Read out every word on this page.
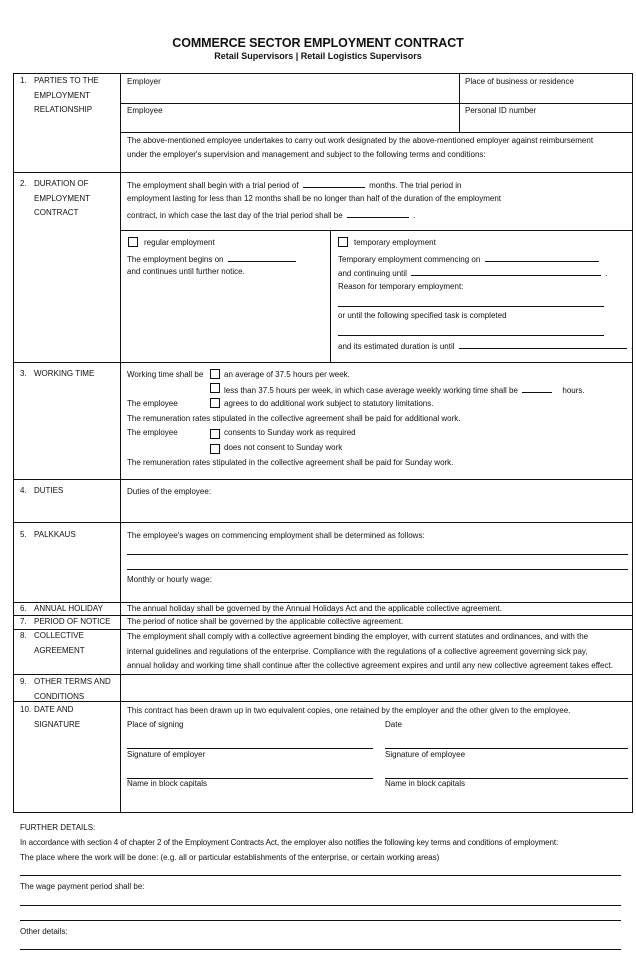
COMMERCE SECTOR EMPLOYMENT CONTRACT
Retail Supervisors | Retail Logistics Supervisors
1. PARTIES TO THE
EMPLOYMENT
RELATIONSHIP
Employer	Place of business or residence
Employee	Personal ID number
The above-mentioned employee undertakes to carry out work designated by the above-mentioned employer against reimbursement
under the employer's supervision and management and subject to the following terms and conditions:
2. DURATION OF
EMPLOYMENT
CONTRACT
The employment shall begin with a trial period of	months. The trial period in
employment lasting for less than 12 months shall be no longer than half of the duration of the employment
contract, in which case the last day of the trial period shall be	.
regular employment
The employment begins on
and continues until further notice.
temporary employment
Temporary employment commencing on
and continuing until	.
Reason for temporary employment:
or until the following specified task is completed
and its estimated duration is until	.
3. WORKING TIME	Working time shall be	an average of 37.5 hours per week.
less than 37.5 hours per week, in which case average weekly working time shall be	hours.
The employee	agrees to do additional work subject to statutory limitations.
The remuneration rates stipulated in the collective agreement shall be paid for additional work.
The employee	consents to Sunday work as required
does not consent to Sunday work
The remuneration rates stipulated in the collective agreement shall be paid for Sunday work.
4. DUTIES	Duties of the employee:
5. PALKKAUS	The employee's wages on commencing employment shall be determined as follows:
Monthly or hourly wage:
6. ANNUAL HOLIDAY	The annual holiday shall be governed by the Annual Holidays Act and the applicable collective agreement.
7. PERIOD OF NOTICE The period of notice shall be governed by the applicable collective agreement.
8. COLLECTIVE
AGREEMENT
The employment shall comply with a collective agreement binding the employer, with current statutes and ordinances, and with the
internal guidelines and regulations of the enterprise. Compliance with the regulations of a collective agreement governing sick pay,
annual holiday and working time shall continue after the collective agreement expires and until any new collective agreement takes effect.
9. OTHER TERMS AND
CONDITIONS
10. DATE AND
SIGNATURE
This contract has been drawn up in two equivalent copies, one retained by the employer and the other given to the employee.
Place of signing	Date
Signature of employer	Signature of employee
Name in block capitals	Name in block capitals
FURTHER DETAILS:
In accordance with section 4 of chapter 2 of the Employment Contracts Act, the employer also notifies the following key terms and conditions of employment:
The place where the work will be done: (e.g. all or particular establishments of the enterprise, or certain working areas)
The wage payment period shall be:
Other details:
